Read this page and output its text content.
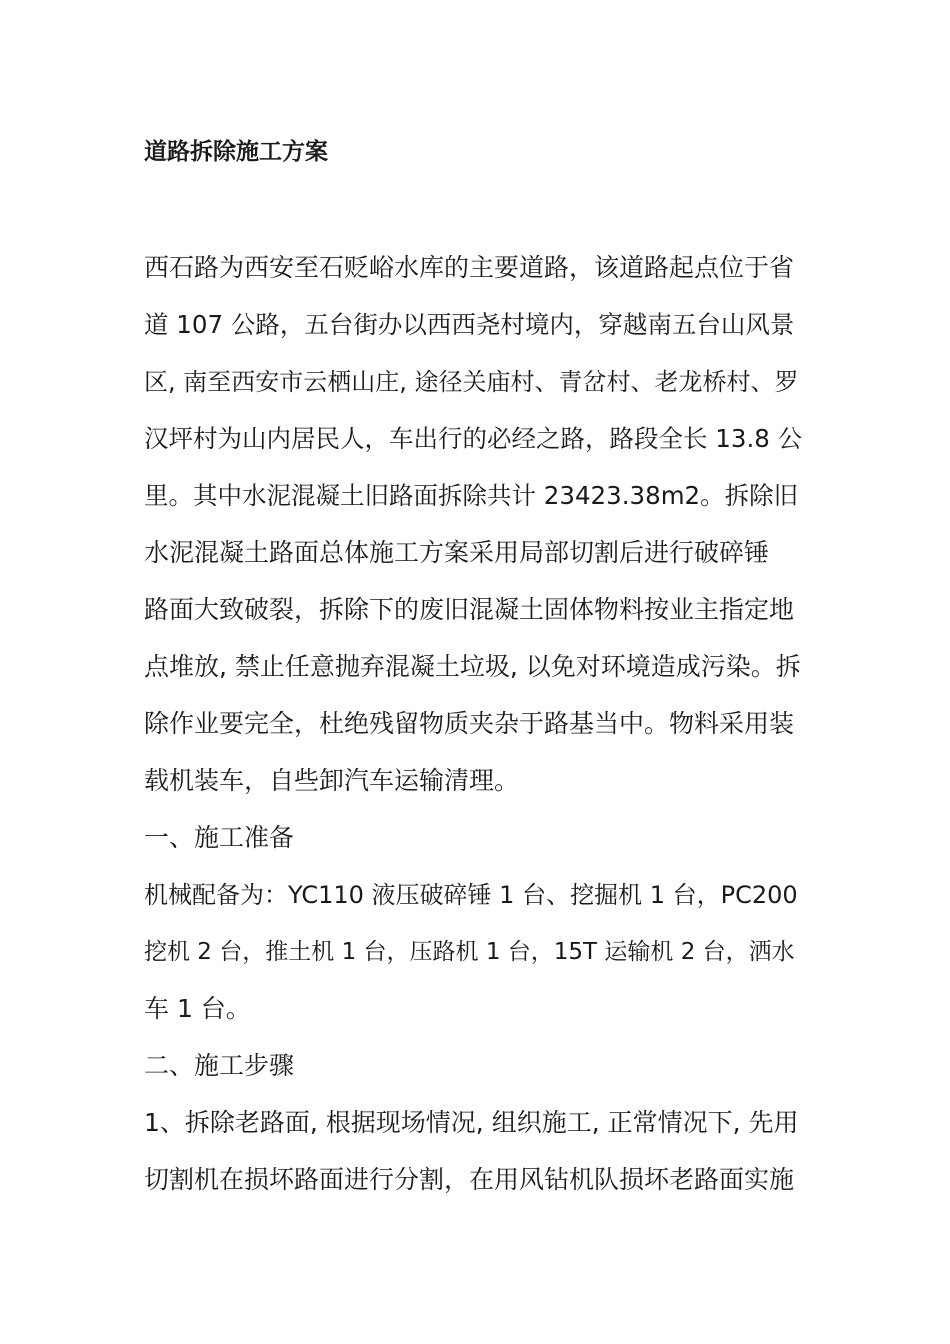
道路拆除施工方案

西石路为西安至石贬峪水库的主要道路，该道路起点位于省

道 107 公路，五台街办以西西尧村境内，穿越南五台山风景

区, 南至西安市云栖山庄, 途径关庙村、青岔村、老龙桥村、罗

汉坪村为山内居民人，车出行的必经之路，路段全长 13.8 公

里。其中水泥混凝土旧路面拆除共计 23423.38m2。拆除旧

水泥混凝土路面总体施工方案采用局部切割后进行破碎锤

路面大致破裂，拆除下的废旧混凝土固体物料按业主指定地

点堆放, 禁止任意抛弃混凝土垃圾, 以免对环境造成污染。拆

除作业要完全，杜绝残留物质夹杂于路基当中。物料采用装

载机装车，自些卸汽车运输清理。

一、施工准备

机械配备为：YC110 液压破碎锤 1 台、挖掘机 1 台，PC200

挖机 2 台，推土机 1 台，压路机 1 台，15T 运输机 2 台，洒水

车 1 台。

二、施工步骤

1、拆除老路面, 根据现场情况, 组织施工, 正常情况下, 先用

切割机在损坏路面进行分割，在用风钻机队损坏老路面实施
